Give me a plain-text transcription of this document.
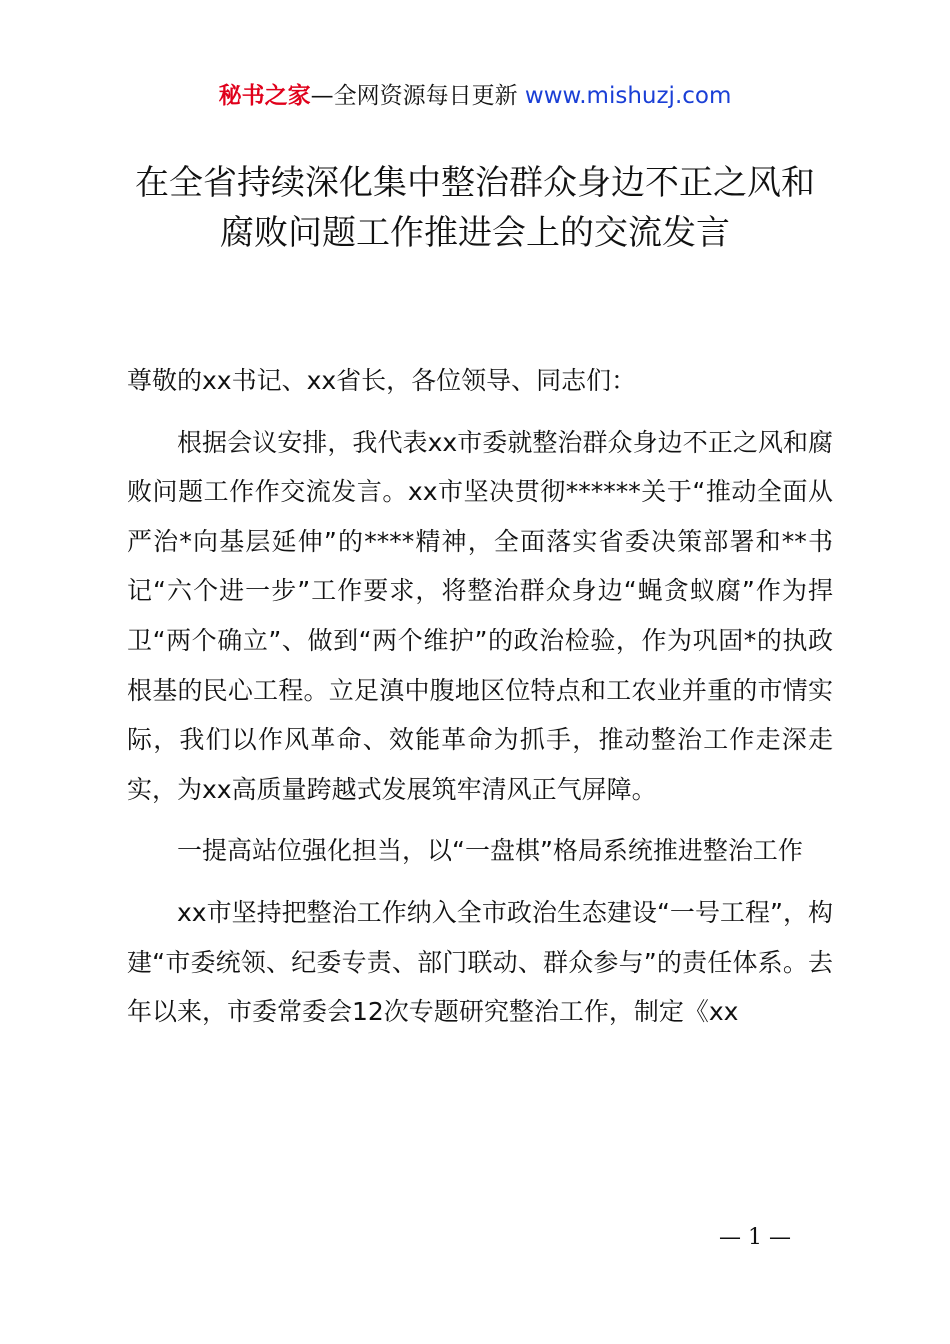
秘书之家—全网资源每日更新 www.mishuzj.com
在全省持续深化集中整治群众身边不正之风和
腐败问题工作推进会上的交流发言

尊敬的xx书记、xx省长，各位领导、同志们：

根据会议安排，我代表xx市委就整治群众身边不正之风和腐败问题工作作交流发言。xx市坚决贯彻******关于“推动全面从严治*向基层延伸”的****精神，全面落实省委决策部署和**书记“六个进一步”工作要求，将整治群众身边“蝇贪蚁腐”作为捍卫“两个确立”、做到“两个维护”的政治检验，作为巩固*的执政根基的民心工程。立足滇中腹地区位特点和工农业并重的市情实际，我们以作风革命、效能革命为抓手，推动整治工作走深走实，为xx高质量跨越式发展筑牢清风正气屏障。

一提高站位强化担当，以“一盘棋”格局系统推进整治工作

xx市坚持把整治工作纳入全市政治生态建设“一号工程”，构建“市委统领、纪委专责、部门联动、群众参与”的责任体系。去年以来，市委常委会12次专题研究整治工作，制定《xx

— 1 —
